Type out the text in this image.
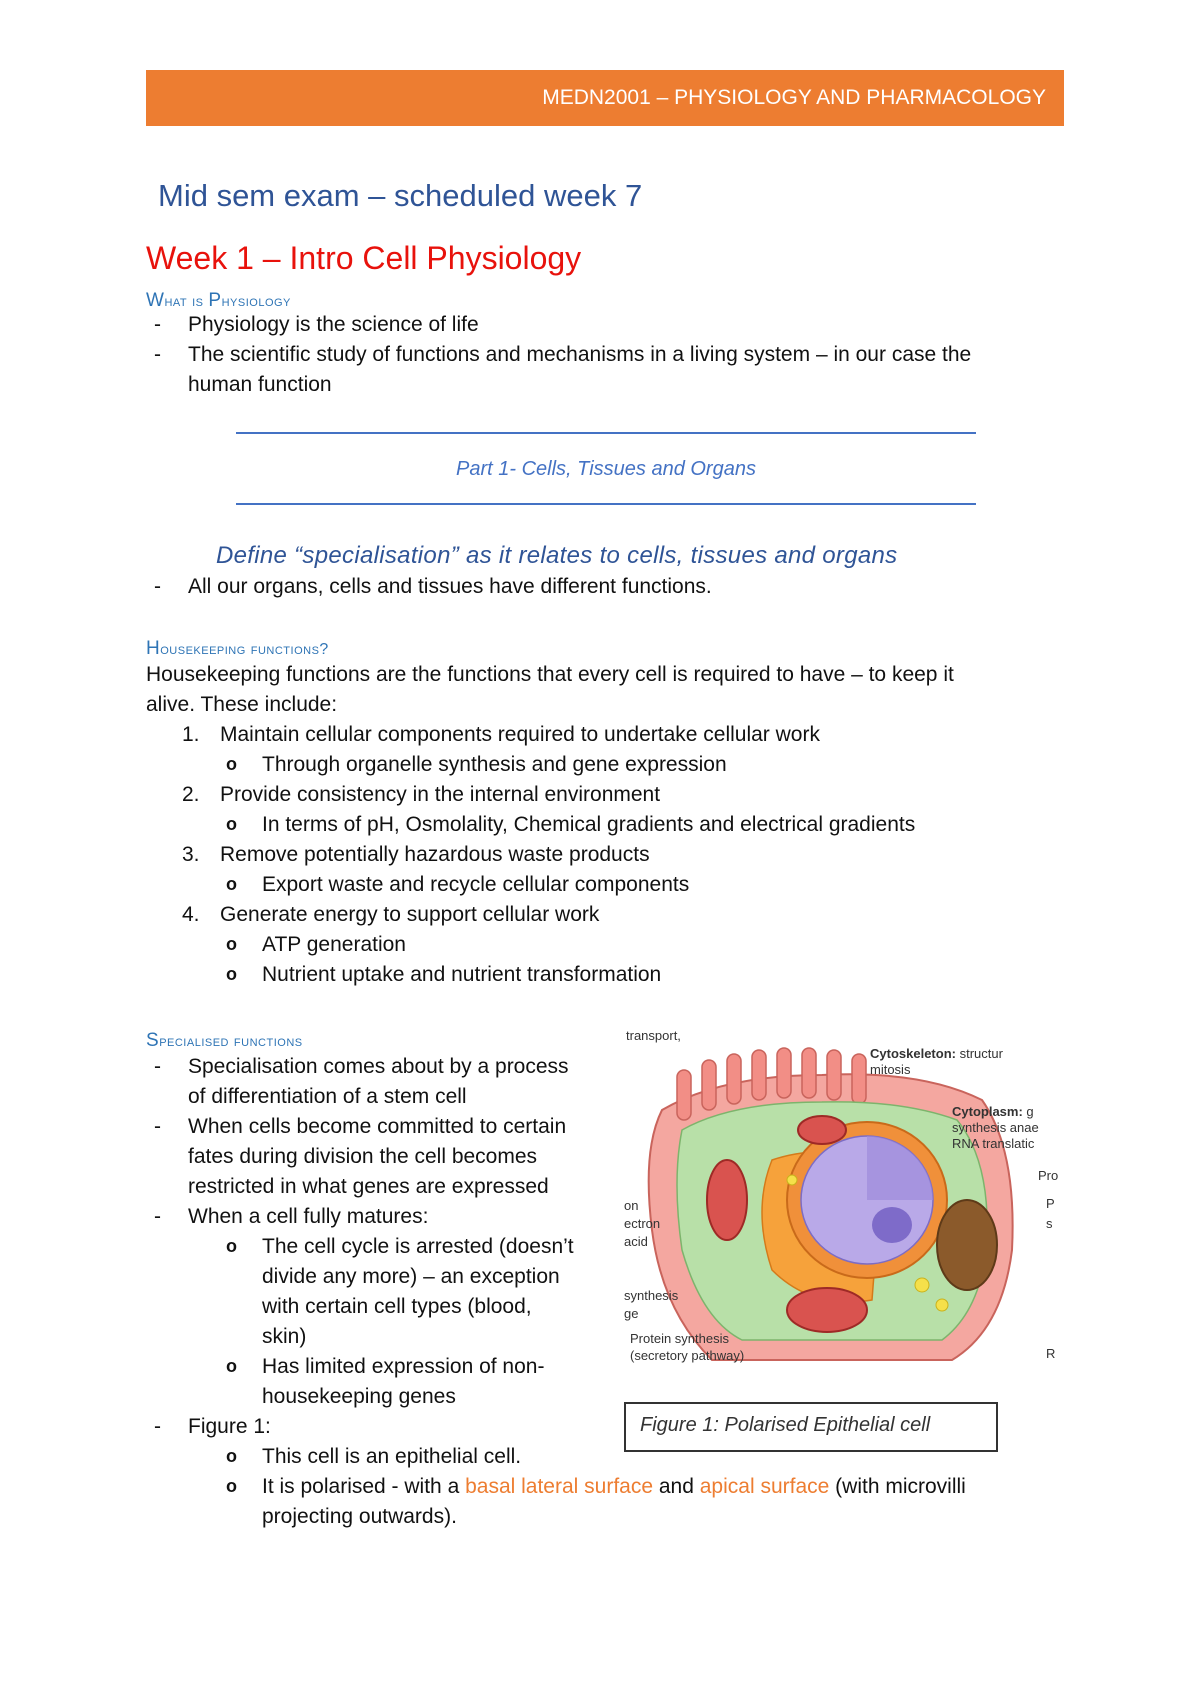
MEDN2001 – PHYSIOLOGY AND PHARMACOLOGY
Mid sem exam – scheduled week 7
Week 1 – Intro Cell Physiology
What is Physiology
- Physiology is the science of life
- The scientific study of functions and mechanisms in a living system – in our case the
human function
Part 1- Cells, Tissues and Organs
Define “specialisation” as it relates to cells, tissues and organs
- All our organs, cells and tissues have different functions.
Housekeeping functions?
Housekeeping functions are the functions that every cell is required to have – to keep it
alive. These include:
1. Maintain cellular components required to undertake cellular work
o Through organelle synthesis and gene expression
2. Provide consistency in the internal environment
o In terms of pH, Osmolality, Chemical gradients and electrical gradients
3. Remove potentially hazardous waste products
o Export waste and recycle cellular components
4. Generate energy to support cellular work
o ATP generation
o Nutrient uptake and nutrient transformation
Specialised functions
- Specialisation comes about by a process
of differentiation of a stem cell
- When cells become committed to certain
fates during division the cell becomes
restricted in what genes are expressed
- When a cell fully matures:
o The cell cycle is arrested (doesn’t
divide any more) – an exception
with certain cell types (blood,
skin)
o Has limited expression of non-
housekeeping genes
- Figure 1:
o This cell is an epithelial cell.
o It is polarised - with a basal lateral surface and apical surface (with microvilli
projecting outwards).
transport,
Cytoskeleton: structur
mitosis
Cytoplasm: g
synthesis anae
RNA translatic
Pro
P
s
R
on
ectron
acid
synthesis
ge
Protein synthesis
(secretory pathway)
Figure 1: Polarised Epithelial cell
